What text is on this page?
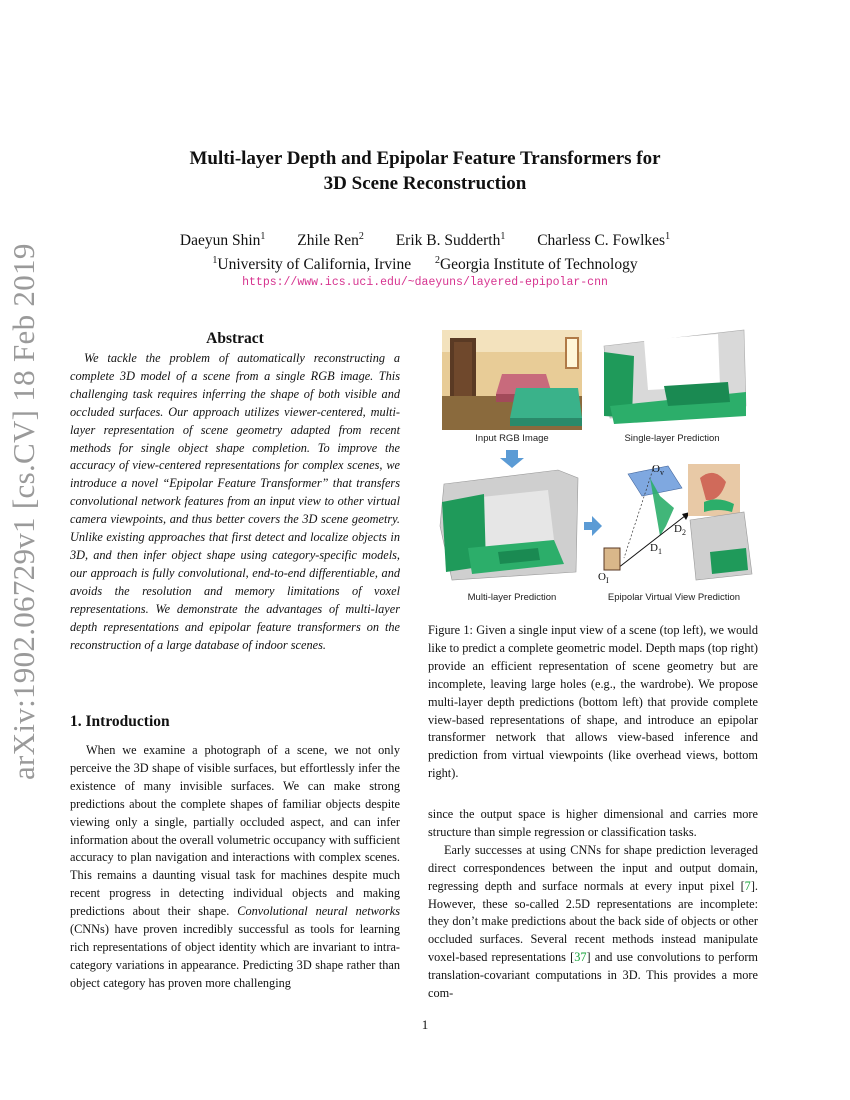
Multi-layer Depth and Epipolar Feature Transformers for
3D Scene Reconstruction
Daeyun Shin$^1$ Zhile Ren$^2$ Erik B. Sudderth$^1$ Charless C. Fowlkes$^1$
$^1$University of California, Irvine $^2$Georgia Institute of Technology
https://www.ics.uci.edu/~daeyuns/layered-epipolar-cnn
arXiv:1902.06729v1 [cs.CV] 18 Feb 2019	Abstract

We tackle the problem of automatically reconstructing a complete 3D model of a scene from a single RGB image. This challenging task requires inferring the shape of both visible and occluded surfaces. Our approach utilizes viewer-centered, multi-layer representation of scene geometry adapted from recent methods for single object shape completion. To improve the accuracy of view-centered representations for complex scenes, we introduce a novel “Epipolar Feature Transformer” that transfers convolutional network features from an input view to other virtual camera viewpoints, and thus better covers the 3D scene geometry. Unlike existing approaches that first detect and localize objects in 3D, and then infer object shape using category-specific models, our approach is fully convolutional, end-to-end differentiable, and avoids the resolution and memory limitations of voxel representations. We demonstrate the advantages of multi-layer depth representations and epipolar feature transformers on the reconstruction of a large database of indoor scenes.

1. Introduction

When we examine a photograph of a scene, we not only perceive the 3D shape of visible surfaces, but effortlessly infer the existence of many invisible surfaces. We can make strong predictions about the complete shapes of familiar objects despite viewing only a single, partially occluded aspect, and can infer information about the overall volumetric occupancy with sufficient accuracy to plan navigation and interactions with complex scenes. This remains a daunting visual task for machines despite much recent progress in detecting individual objects and making predictions about their shape. Convolutional neural networks (CNNs) have proven incredibly successful as tools for learning rich representations of object identity which are invariant to intra-category variations in appearance. Predicting 3D shape rather than object category has proven more challenging

Input RGB Image	Single-layer Prediction
Multi-layer Prediction
$O_v$
$O_I$
$D_1$
$D_2$
Epipolar Virtual View Prediction
Figure 1: Given a single input view of a scene (top left), we would like to predict a complete geometric model. Depth maps (top right) provide an efficient representation of scene geometry but are incomplete, leaving large holes (e.g., the wardrobe). We propose multi-layer depth predictions (bottom left) that provide complete view-based representations of shape, and introduce an epipolar transformer network that allows view-based inference and prediction from virtual viewpoints (like overhead views, bottom right).

since the output space is higher dimensional and carries more structure than simple regression or classification tasks.

Early successes at using CNNs for shape prediction leveraged direct correspondences between the input and output domain, regressing depth and surface normals at every input pixel [7]. However, these so-called 2.5D representations are incomplete: they don’t make predictions about the back side of objects or other occluded surfaces. Several recent methods instead manipulate voxel-based representations [37] and use convolutions to perform translation-covariant computations in 3D. This provides a more com-

1
